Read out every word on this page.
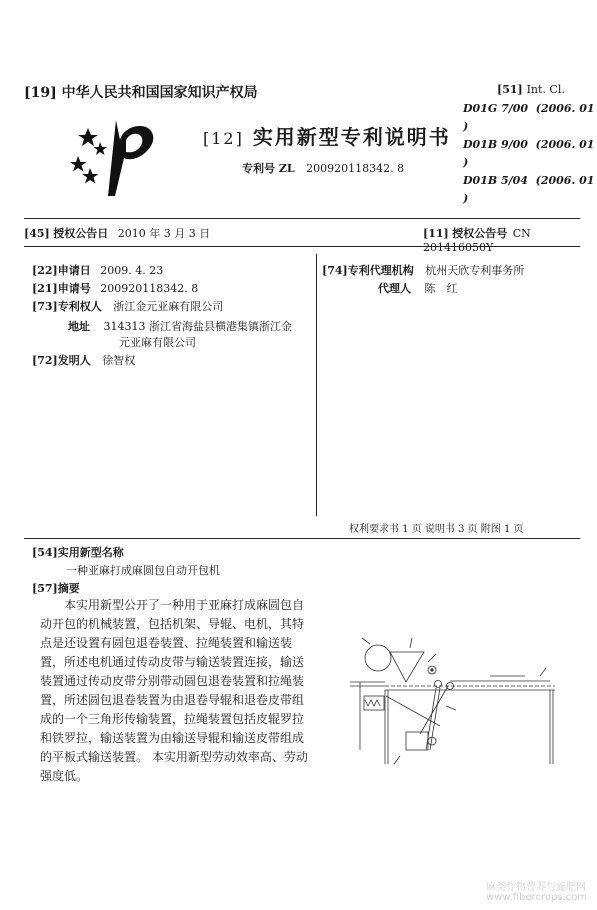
[19] 中华人民共和国国家知识产权局
[12] 实用新型专利说明书
专利号 ZL 200920118342. 8
[51] Int. Cl.
D01G 7/00 (2006. 01 )
D01B 9/00 (2006. 01 )
D01B 5/04 (2006. 01 )
[45] 授权公告日 2010 年 3 月 3 日	[11] 授权公告号 CN 201416050Y
[22]申请日 2009. 4. 23
[21]申请号 200920118342. 8
[73]专利权人 浙江金元亚麻有限公司
地址 314313 浙江省海盐县横港集镇浙江金
元亚麻有限公司
[72]发明人 徐智权
[74]专利代理机构 杭州天欣专利事务所
代理人 陈　红
权利要求书 1 页 说明书 3 页 附图 1 页
[54]实用新型名称
一种亚麻打成麻圆包自动开包机
[57]摘要
　　本实用新型公开了一种用于亚麻打成麻圆包自
动开包的机械装置，包括机架、导辊、电机，其特
点是还设置有圆包退卷装置、拉绳装置和输送装
置，所述电机通过传动皮带与输送装置连接，输送
装置通过传动皮带分别带动圆包退卷装置和拉绳装
置，所述圆包退卷装置为由退卷导辊和退卷皮带组
成的一个三角形传输装置，拉绳装置包括皮辊罗拉
和铁罗拉，输送装置为由输送导辊和输送皮带组成
的平板式输送装置。 本实用新型劳动效率高、劳动
强度低。
麻类作物营养与施肥网
www.fibercrops.com
